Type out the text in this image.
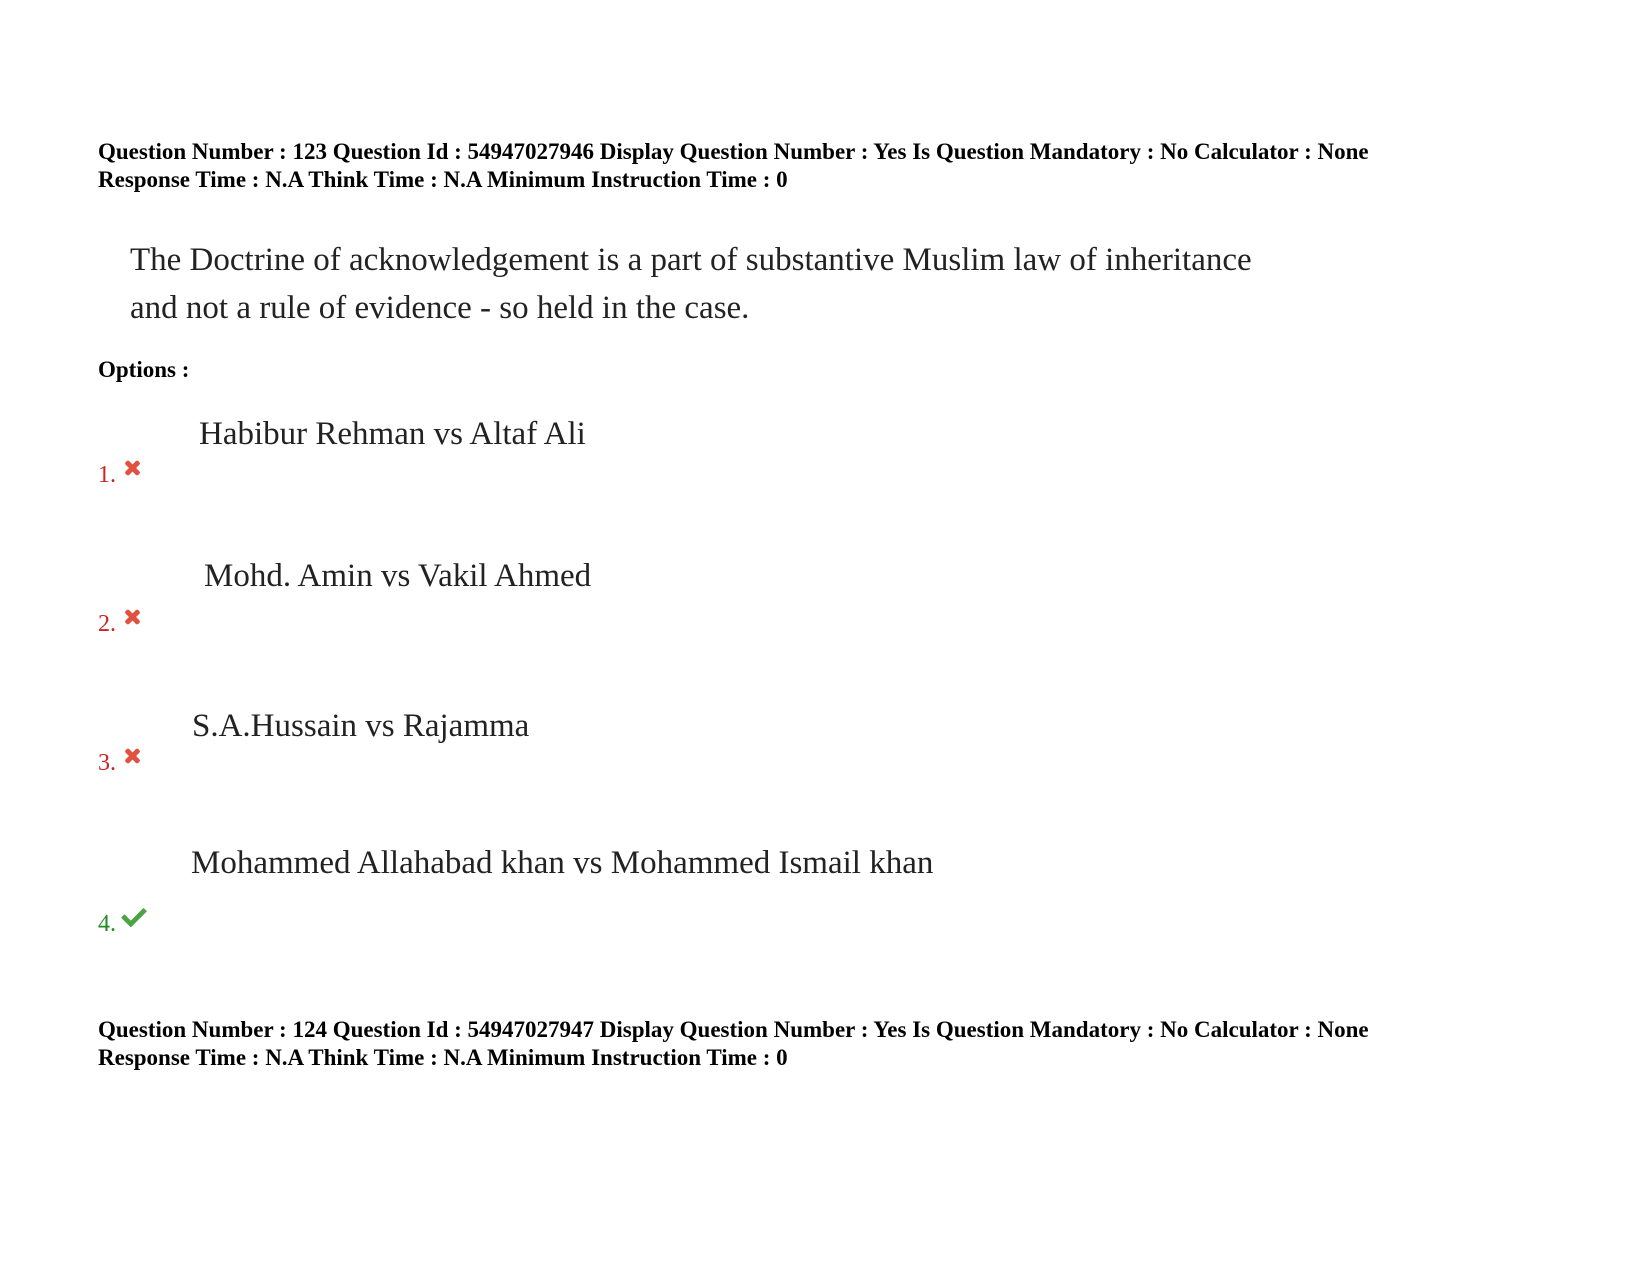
Question Number : 123 Question Id : 54947027946 Display Question Number : Yes Is Question Mandatory : No Calculator : None
Response Time : N.A Think Time : N.A Minimum Instruction Time : 0
The Doctrine of acknowledgement is a part of substantive Muslim law of inheritance
and not a rule of evidence - so held in the case.
Options :
Habibur Rehman vs Altaf Ali
1.
Mohd. Amin vs Vakil Ahmed
2.
S.A.Hussain vs Rajamma
3.
Mohammed Allahabad khan vs Mohammed Ismail khan
4.
Question Number : 124 Question Id : 54947027947 Display Question Number : Yes Is Question Mandatory : No Calculator : None
Response Time : N.A Think Time : N.A Minimum Instruction Time : 0
